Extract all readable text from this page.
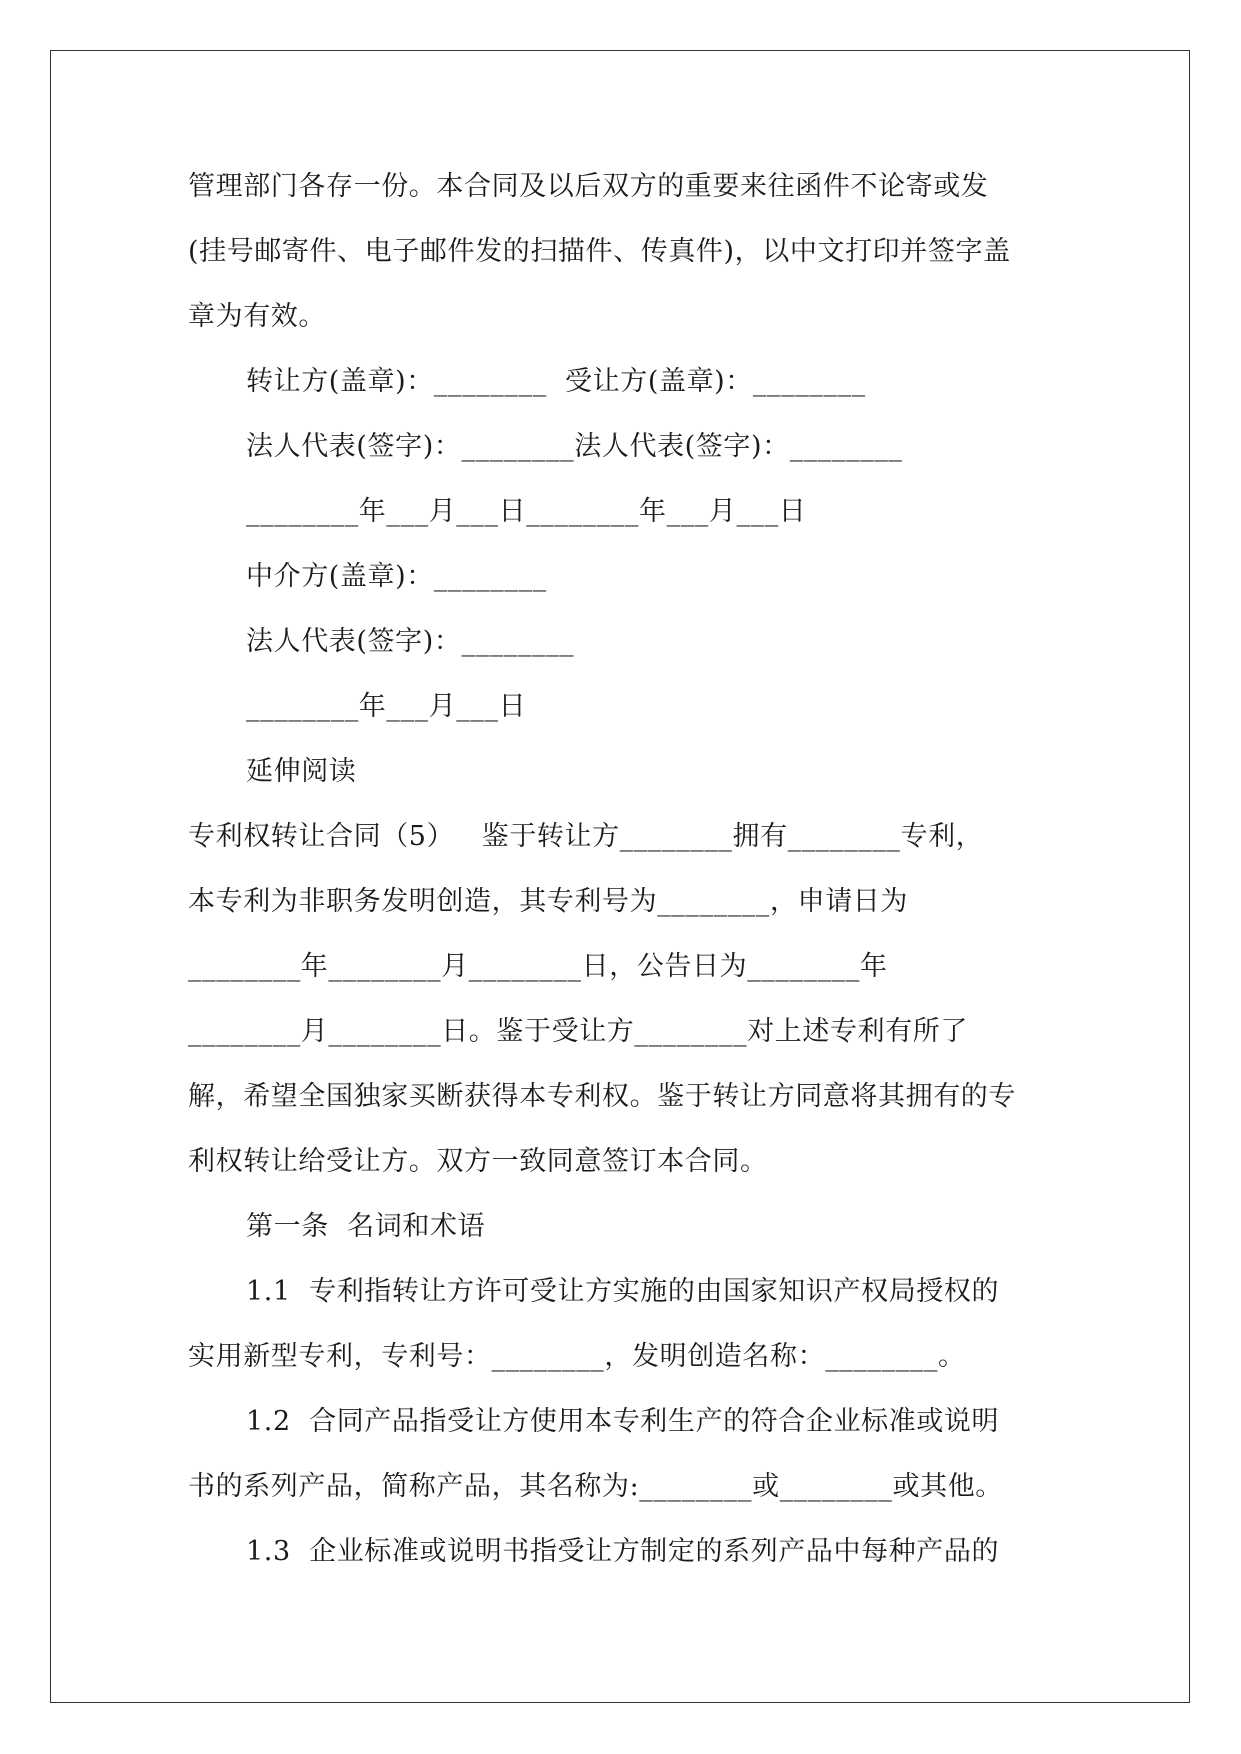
管理部门各存一份。本合同及以后双方的重要来往函件不论寄或发
(挂号邮寄件、电子邮件发的扫描件、传真件)，以中文打印并签字盖
章为有效。
转让方(盖章)：________  受让方(盖章)：________
法人代表(签字)：________法人代表(签字)：________
________年___月___日________年___月___日
中介方(盖章)：________
法人代表(签字)：________
________年___月___日
延伸阅读
专利权转让合同（5）   鉴于转让方________拥有________专利，
本专利为非职务发明创造，其专利号为________，申请日为
________年________月________日，公告日为________年
________月________日。鉴于受让方________对上述专利有所了
解，希望全国独家买断获得本专利权。鉴于转让方同意将其拥有的专
利权转让给受让方。双方一致同意签订本合同。
第一条  名词和术语
1.1  专利指转让方许可受让方实施的由国家知识产权局授权的
实用新型专利，专利号：________，发明创造名称：________。
1.2  合同产品指受让方使用本专利生产的符合企业标准或说明
书的系列产品，简称产品，其名称为:________或________或其他。
1.3  企业标准或说明书指受让方制定的系列产品中每种产品的
